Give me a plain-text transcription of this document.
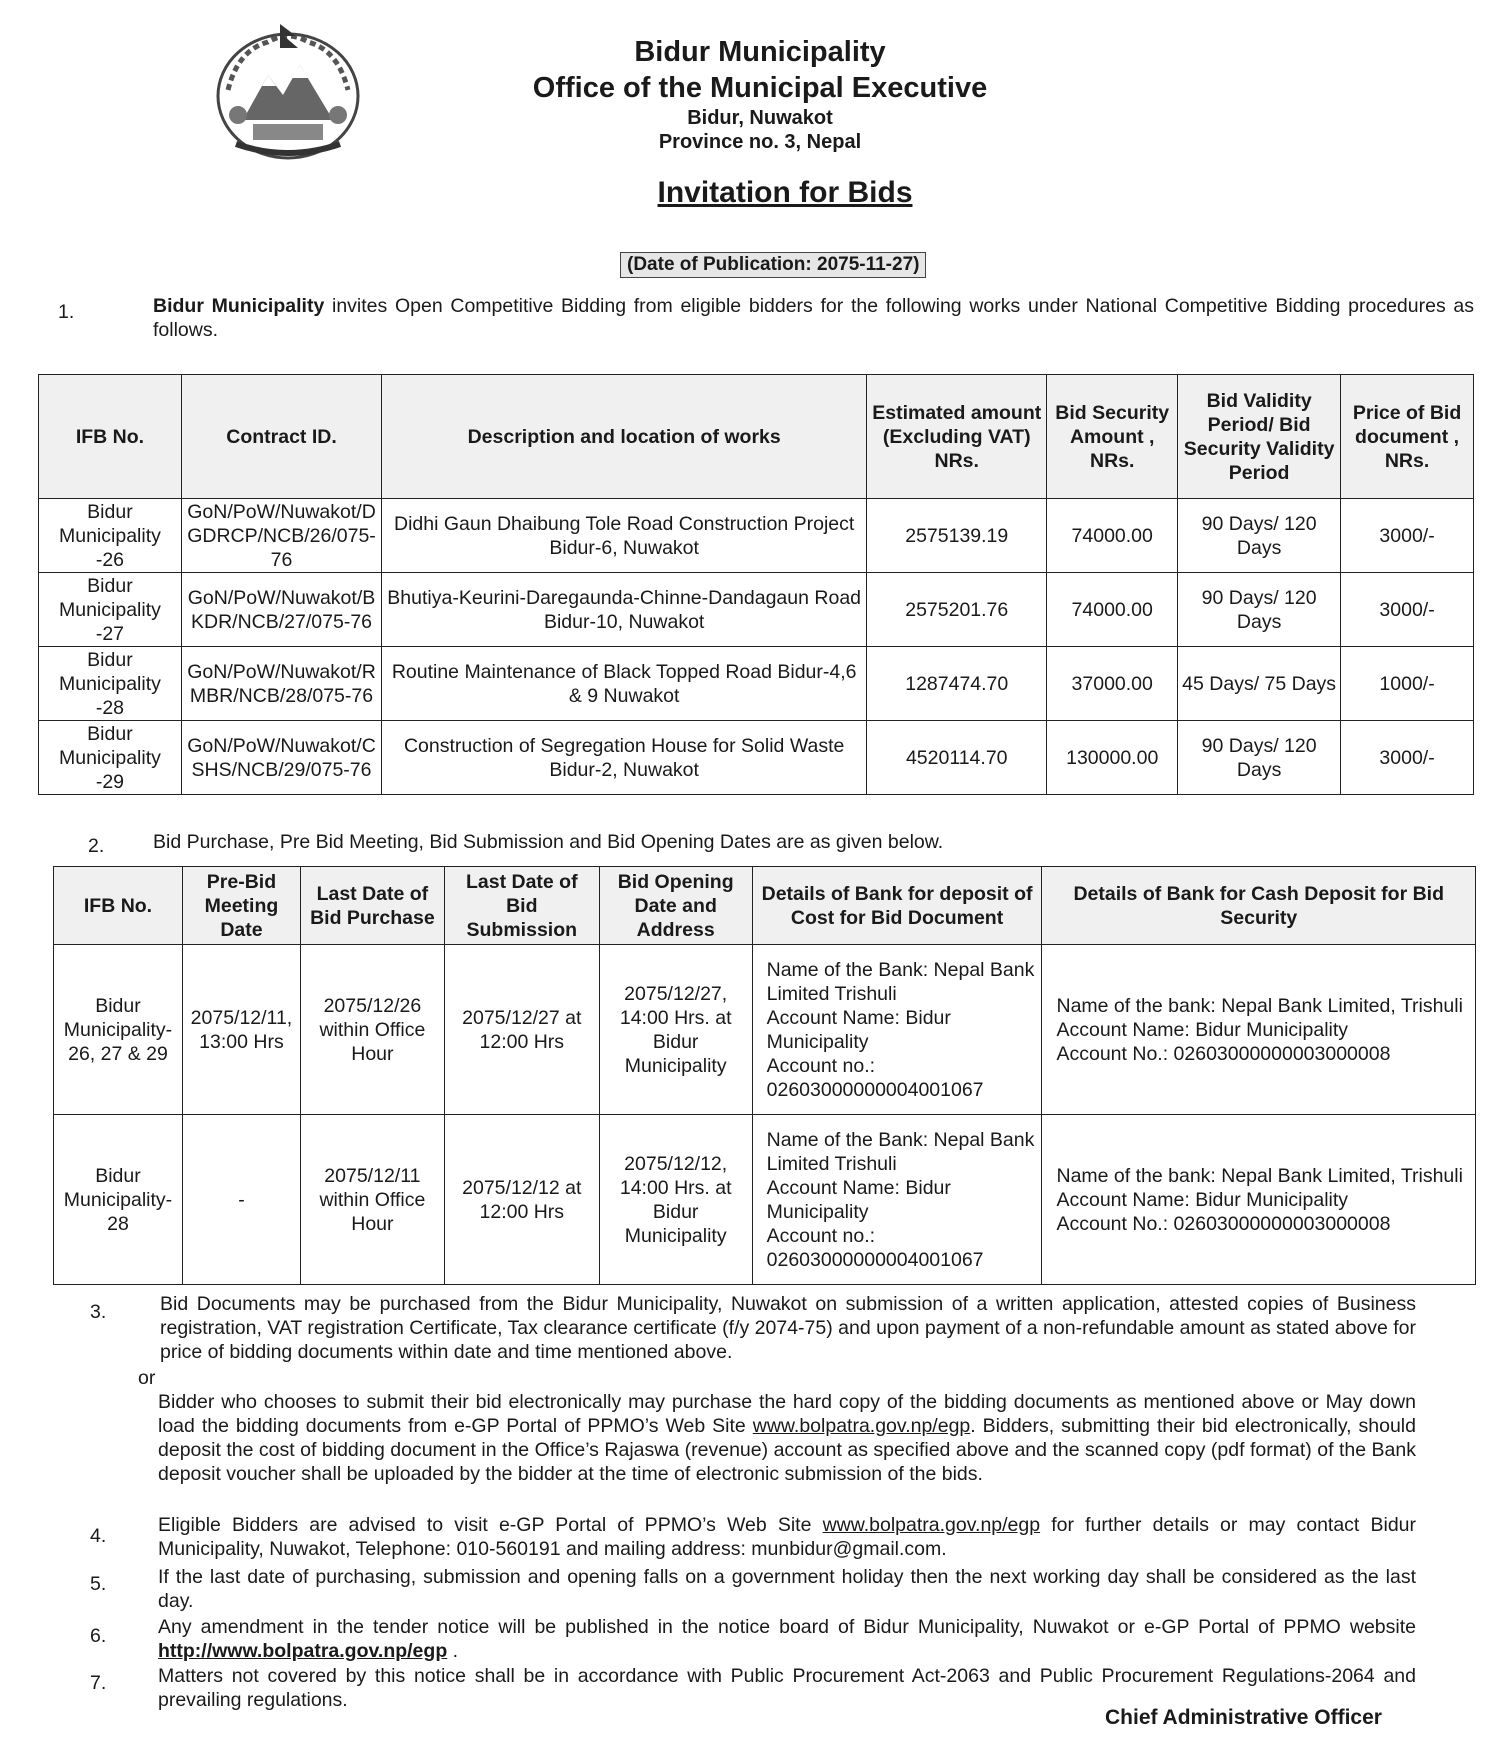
Bidur Municipality
Office of the Municipal Executive
Bidur, Nuwakot
Province no. 3, Nepal
Invitation for Bids
(Date of Publication: 2075-11-27)
1.	Bidur Municipality invites Open Competitive Bidding from eligible bidders for the following works under National Competitive Bidding procedures as follows.
IFB No.	Contract ID.	Description and location of works	Estimated amount (Excluding VAT) NRs.	Bid Security Amount , NRs.	Bid Validity Period/ Bid Security Validity Period	Price of Bid document , NRs.
Bidur Municipality -26	GoN/PoW/Nuwakot/DGDRCP/NCB/26/075-76	Didhi Gaun Dhaibung Tole Road Construction Project Bidur-6, Nuwakot	2575139.19	74000.00	90 Days/ 120 Days	3000/-
Bidur Municipality -27	GoN/PoW/Nuwakot/BKDR/NCB/27/075-76	Bhutiya-Keurini-Daregaunda-Chinne-Dandagaun Road Bidur-10, Nuwakot	2575201.76	74000.00	90 Days/ 120 Days	3000/-
Bidur Municipality -28	GoN/PoW/Nuwakot/RMBR/NCB/28/075-76	Routine Maintenance of Black Topped Road Bidur-4,6 & 9 Nuwakot	1287474.70	37000.00	45 Days/ 75 Days	1000/-
Bidur Municipality -29	GoN/PoW/Nuwakot/CSHS/NCB/29/075-76	Construction of Segregation House for Solid Waste Bidur-2, Nuwakot	4520114.70	130000.00	90 Days/ 120 Days	3000/-
2. Bid Purchase, Pre Bid Meeting, Bid Submission and Bid Opening Dates are as given below.
IFB No.	Pre-Bid Meeting Date	Last Date of Bid Purchase	Last Date of Bid Submission	Bid Opening Date and Address	Details of Bank for deposit of Cost for Bid Document	Details of Bank for Cash Deposit for Bid Security
Bidur Municipality- 26, 27 & 29	2075/12/11, 13:00 Hrs	2075/12/26 within Office Hour	2075/12/27 at 12:00 Hrs	2075/12/27, 14:00 Hrs. at Bidur Municipality	Name of the Bank: Nepal Bank Limited Trishuli
Account Name: Bidur Municipality
Account no.: 02603000000004001067	Name of the bank: Nepal Bank Limited, Trishuli
Account Name: Bidur Municipality
Account No.: 02603000000003000008
Bidur Municipality- 28	-	2075/12/11 within Office Hour	2075/12/12 at 12:00 Hrs	2075/12/12, 14:00 Hrs. at Bidur Municipality	Name of the Bank: Nepal Bank Limited Trishuli
Account Name: Bidur Municipality
Account no.: 02603000000004001067	Name of the bank: Nepal Bank Limited, Trishuli
Account Name: Bidur Municipality
Account No.: 02603000000003000008
3.	Bid Documents may be purchased from the Bidur Municipality, Nuwakot on submission of a written application, attested copies of Business registration, VAT registration Certificate, Tax clearance certificate (f/y 2074-75) and upon payment of a non-refundable amount as stated above for price of bidding documents within date and time mentioned above.
or
Bidder who chooses to submit their bid electronically may purchase the hard copy of the bidding documents as mentioned above or May down load the bidding documents from e-GP Portal of PPMO’s Web Site www.bolpatra.gov.np/egp. Bidders, submitting their bid electronically, should deposit the cost of bidding document in the Office’s Rajaswa (revenue) account as specified above and the scanned copy (pdf format) of the Bank deposit voucher shall be uploaded by the bidder at the time of electronic submission of the bids.
4.	Eligible Bidders are advised to visit e-GP Portal of PPMO’s Web Site www.bolpatra.gov.np/egp for further details or may contact Bidur Municipality, Nuwakot, Telephone: 010-560191 and mailing address: munbidur@gmail.com.
5.	If the last date of purchasing, submission and opening falls on a government holiday then the next working day shall be considered as the last day.
6.	Any amendment in the tender notice will be published in the notice board of Bidur Municipality, Nuwakot or e-GP Portal of PPMO website http://www.bolpatra.gov.np/egp .
7.	Matters not covered by this notice shall be in accordance with Public Procurement Act-2063 and Public Procurement Regulations-2064 and prevailing regulations.
Chief Administrative Officer
